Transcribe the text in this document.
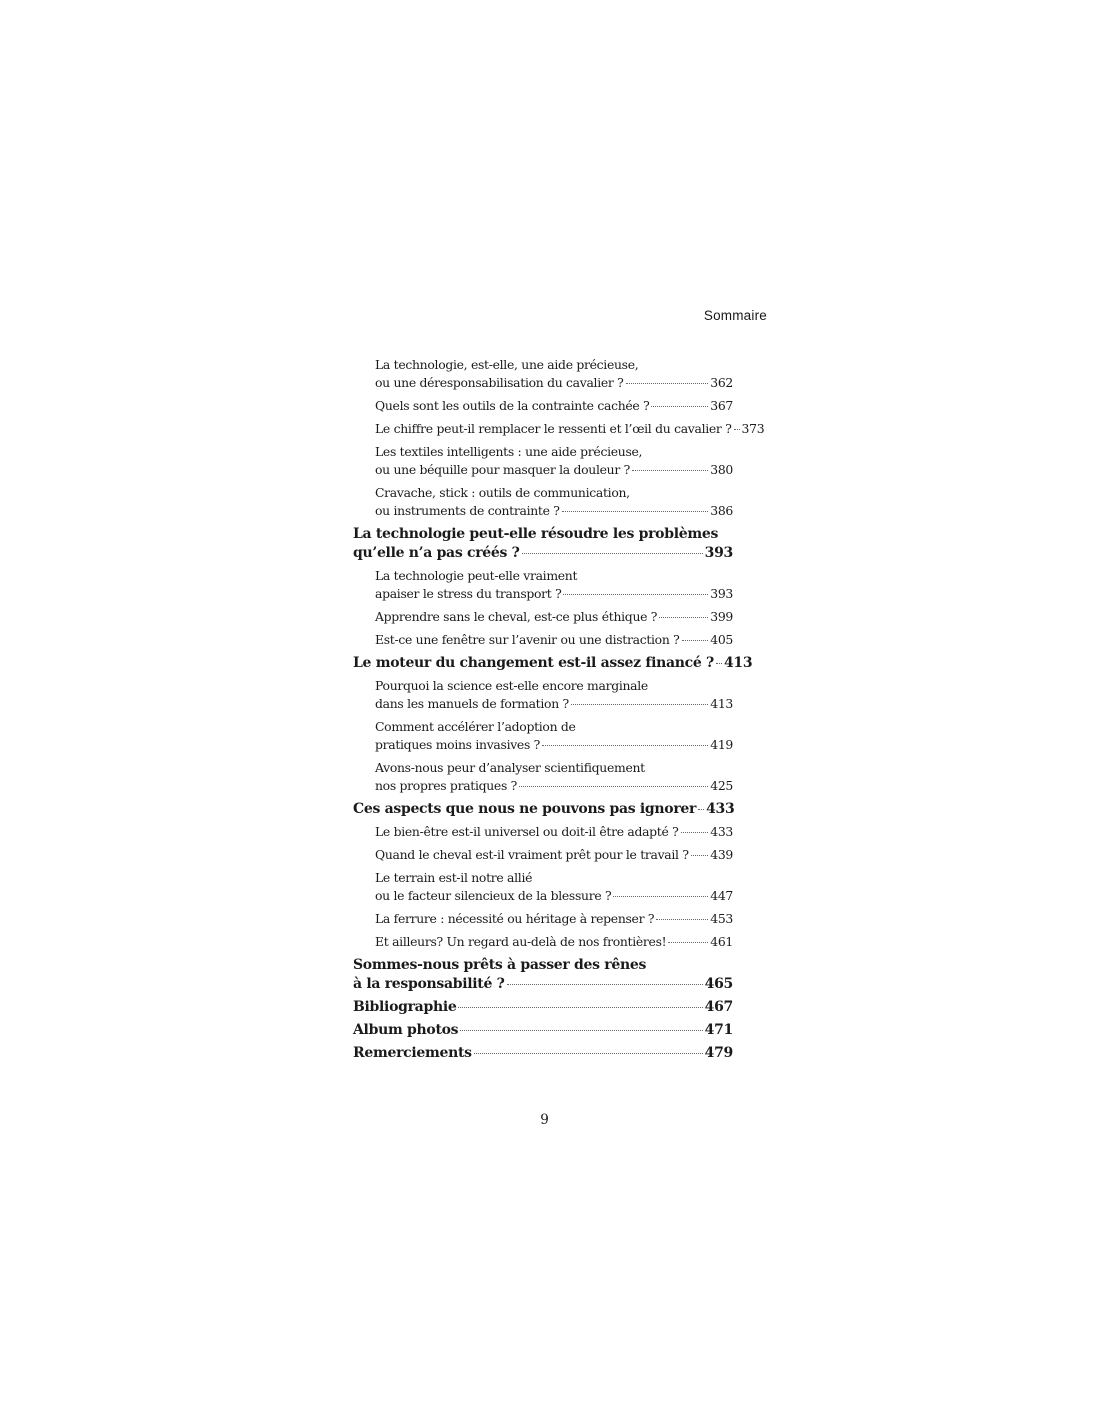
Sommaire
La technologie, est-elle, une aide précieuse,
ou une déresponsabilisation du cavalier ?	362
Quels sont les outils de la contrainte cachée ?	367
Le chiffre peut-il remplacer le ressenti et l’œil du cavalier ? 373
Les textiles intelligents : une aide précieuse,
ou une béquille pour masquer la douleur ?	380
Cravache, stick : outils de communication,
ou instruments de contrainte ?	386
La technologie peut-elle résoudre les problèmes
qu’elle n’a pas créés ?	393
La technologie peut-elle vraiment
apaiser le stress du transport ?	393
Apprendre sans le cheval, est-ce plus éthique ?	399
Est-ce une fenêtre sur l’avenir ou une distraction ? 405
Le moteur du changement est-il assez financé ? 413
Pourquoi la science est-elle encore marginale
dans les manuels de formation ?	413
Comment accélérer l’adoption de
pratiques moins invasives ?	419
Avons-nous peur d’analyser scientifiquement
nos propres pratiques ?	425
Ces aspects que nous ne pouvons pas ignorer 433
Le bien-être est-il universel ou doit-il être adapté ?	433
Quand le cheval est-il vraiment prêt pour le travail ? 439
Le terrain est-il notre allié
ou le facteur silencieux de la blessure ?	447
La ferrure : nécessité ou héritage à repenser ?	453
Et ailleurs? Un regard au-delà de nos frontières!	461
Sommes-nous prêts à passer des rênes
à la responsabilité ?	465
Bibliographie	467
Album photos	471
Remerciements	479
9
